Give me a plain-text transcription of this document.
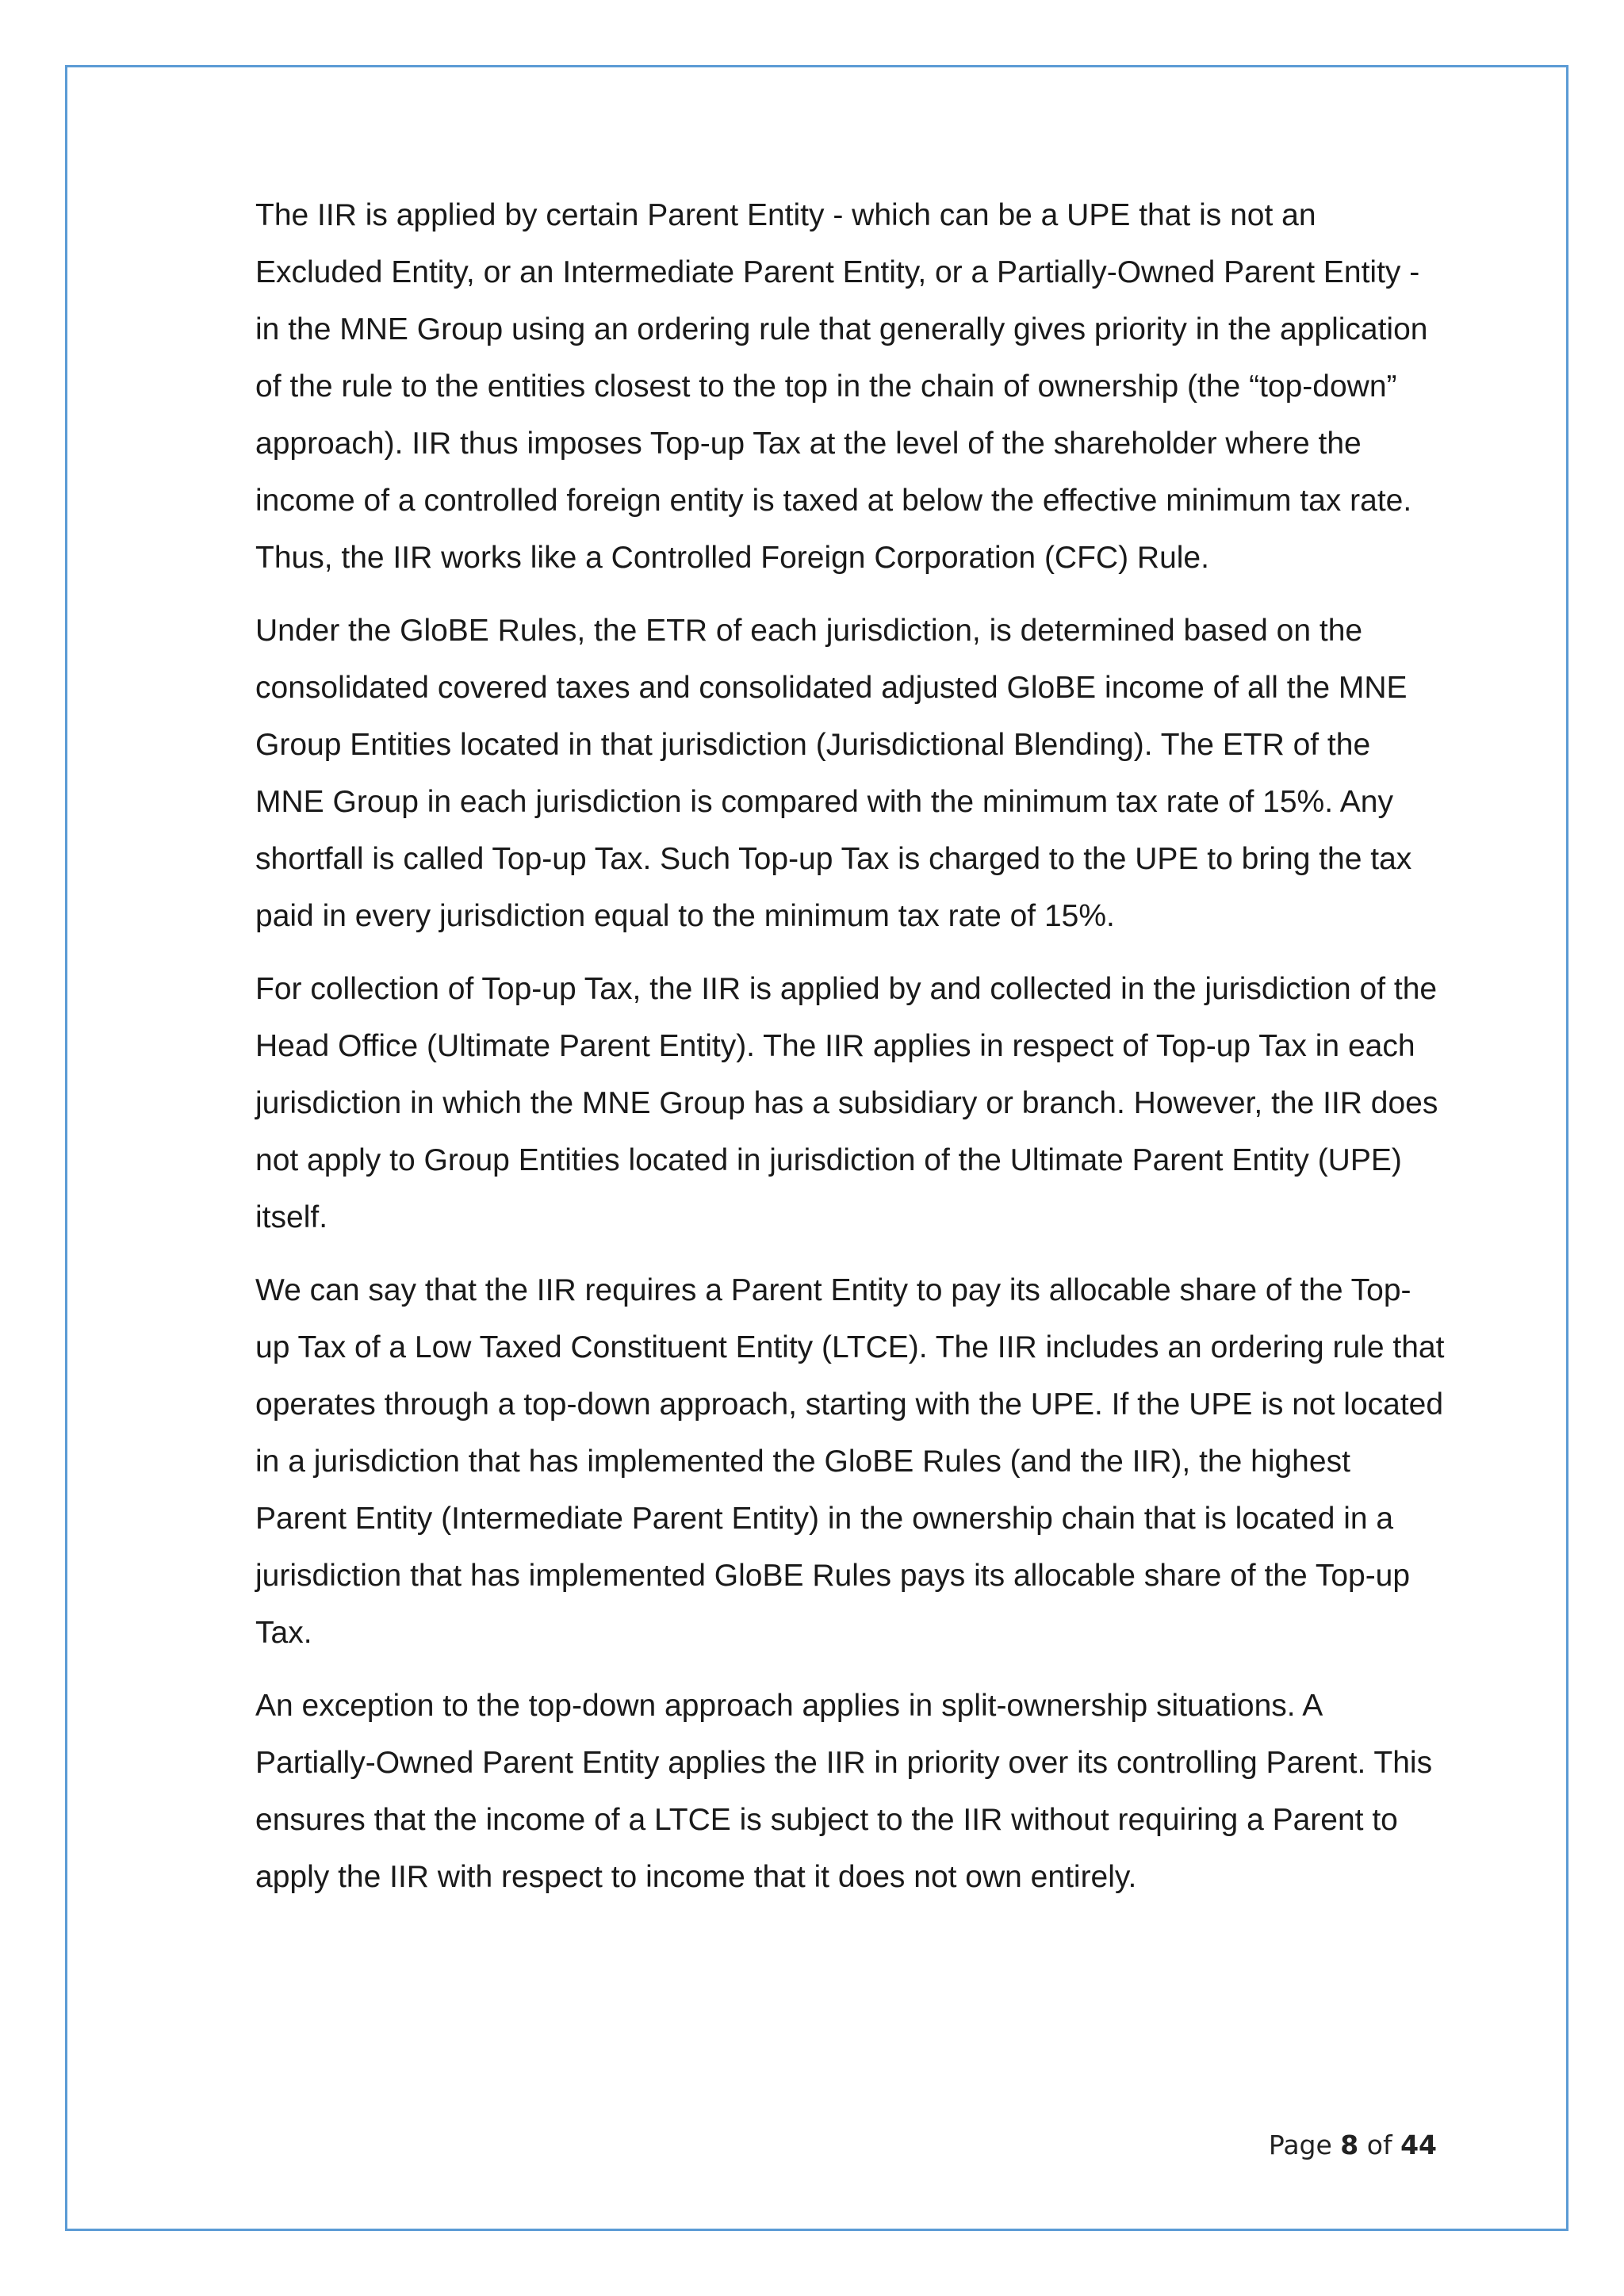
The IIR is applied by certain Parent Entity - which can be a UPE that is not an Excluded Entity, or an Intermediate Parent Entity, or a Partially-Owned Parent Entity - in the MNE Group using an ordering rule that generally gives priority in the application of the rule to the entities closest to the top in the chain of ownership (the “top-down” approach). IIR thus imposes Top-up Tax at the level of the shareholder where the income of a controlled foreign entity is taxed at below the effective minimum tax rate. Thus, the IIR works like a Controlled Foreign Corporation (CFC) Rule.

Under the GloBE Rules, the ETR of each jurisdiction, is determined based on the consolidated covered taxes and consolidated adjusted GloBE income of all the MNE Group Entities located in that jurisdiction (Jurisdictional Blending). The ETR of the MNE Group in each jurisdiction is compared with the minimum tax rate of 15%. Any shortfall is called Top-up Tax. Such Top-up Tax is charged to the UPE to bring the tax paid in every jurisdiction equal to the minimum tax rate of 15%.

For collection of Top-up Tax, the IIR is applied by and collected in the jurisdiction of the Head Office (Ultimate Parent Entity). The IIR applies in respect of Top-up Tax in each jurisdiction in which the MNE Group has a subsidiary or branch. However, the IIR does not apply to Group Entities located in jurisdiction of the Ultimate Parent Entity (UPE) itself.

We can say that the IIR requires a Parent Entity to pay its allocable share of the Top-up Tax of a Low Taxed Constituent Entity (LTCE). The IIR includes an ordering rule that operates through a top-down approach, starting with the UPE. If the UPE is not located in a jurisdiction that has implemented the GloBE Rules (and the IIR), the highest Parent Entity (Intermediate Parent Entity) in the ownership chain that is located in a jurisdiction that has implemented GloBE Rules pays its allocable share of the Top-up Tax.

An exception to the top-down approach applies in split-ownership situations. A Partially-Owned Parent Entity applies the IIR in priority over its controlling Parent. This ensures that the income of a LTCE is subject to the IIR without requiring a Parent to apply the IIR with respect to income that it does not own entirely.

Page 8 of 44
